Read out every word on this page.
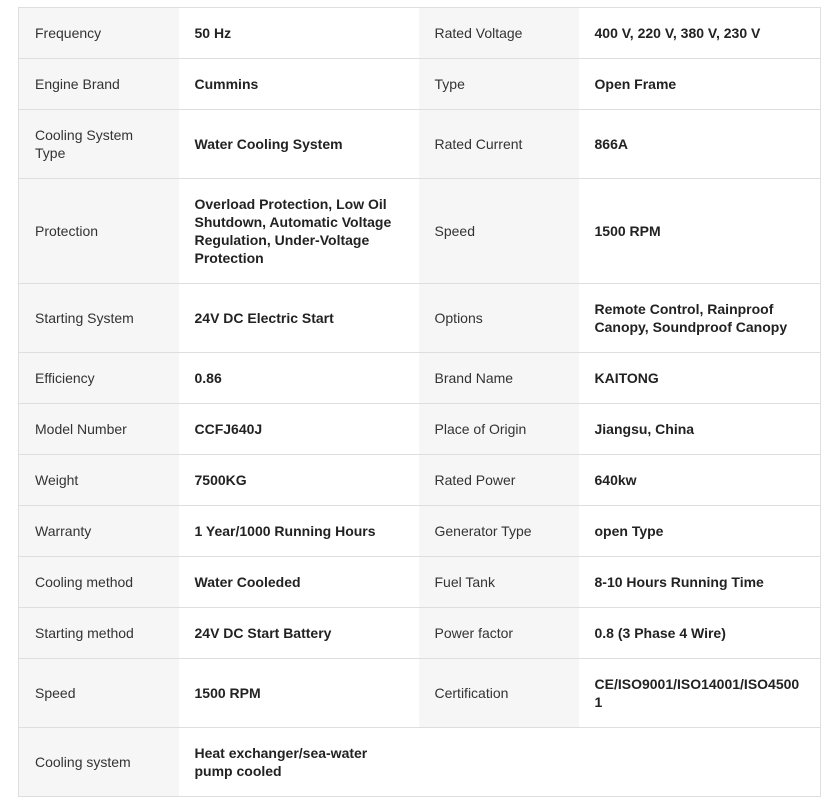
Frequency	50 Hz	Rated Voltage	400 V, 220 V, 380 V, 230 V
Engine Brand	Cummins	Type	Open Frame
Cooling System Type	Water Cooling System	Rated Current	866A
Protection	Overload Protection, Low Oil Shutdown, Automatic Voltage Regulation, Under-Voltage Protection	Speed	1500 RPM
Starting System	24V DC Electric Start	Options	Remote Control, Rainproof Canopy, Soundproof Canopy
Efficiency	0.86	Brand Name	KAITONG
Model Number	CCFJ640J	Place of Origin	Jiangsu, China
Weight	7500KG	Rated Power	640kw
Warranty	1 Year/1000 Running Hours	Generator Type	open Type
Cooling method	Water Cooleded	Fuel Tank	8-10 Hours Running Time
Starting method	24V DC Start Battery	Power factor	0.8 (3 Phase 4 Wire)
Speed	1500 RPM	Certification	CE/ISO9001/ISO14001/ISO45001
Cooling system	Heat exchanger/sea-water pump cooled		
